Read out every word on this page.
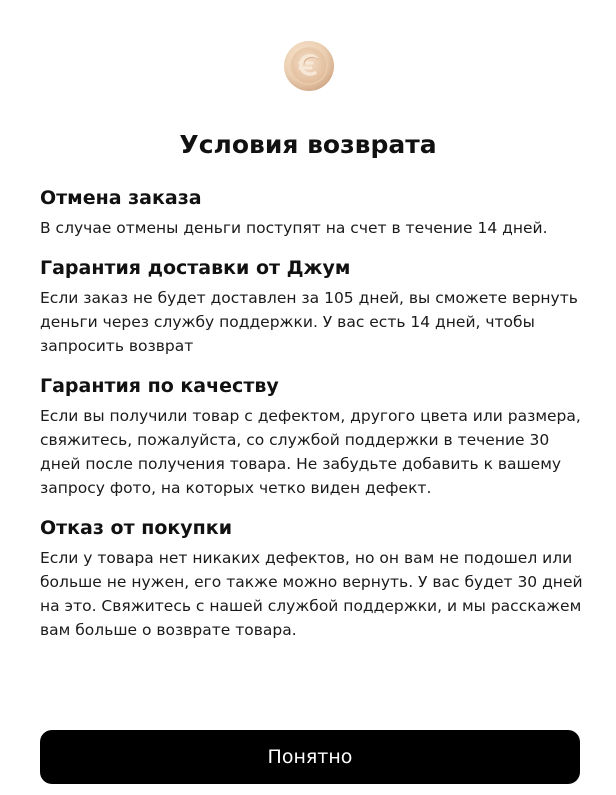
Условия возврата
Отмена заказа

В случае отмены деньги поступят на счет в течение 14 дней.

Гарантия доставки от Джум

Если заказ не будет доставлен за 105 дней, вы сможете вернуть деньги через службу поддержки. У вас есть 14 дней, чтобы запросить возврат

Гарантия по качеству

Если вы получили товар с дефектом, другого цвета или размера, свяжитесь, пожалуйста, со службой поддержки в течение 30 дней после получения товара. Не забудьте добавить к вашему запросу фото, на которых четко виден дефект.

Отказ от покупки

Если у товара нет никаких дефектов, но он вам не подошел или больше не нужен, его также можно вернуть. У вас будет 30 дней на это. Свяжитесь с нашей службой поддержки, и мы расскажем вам больше о возврате товара.

Понятно
